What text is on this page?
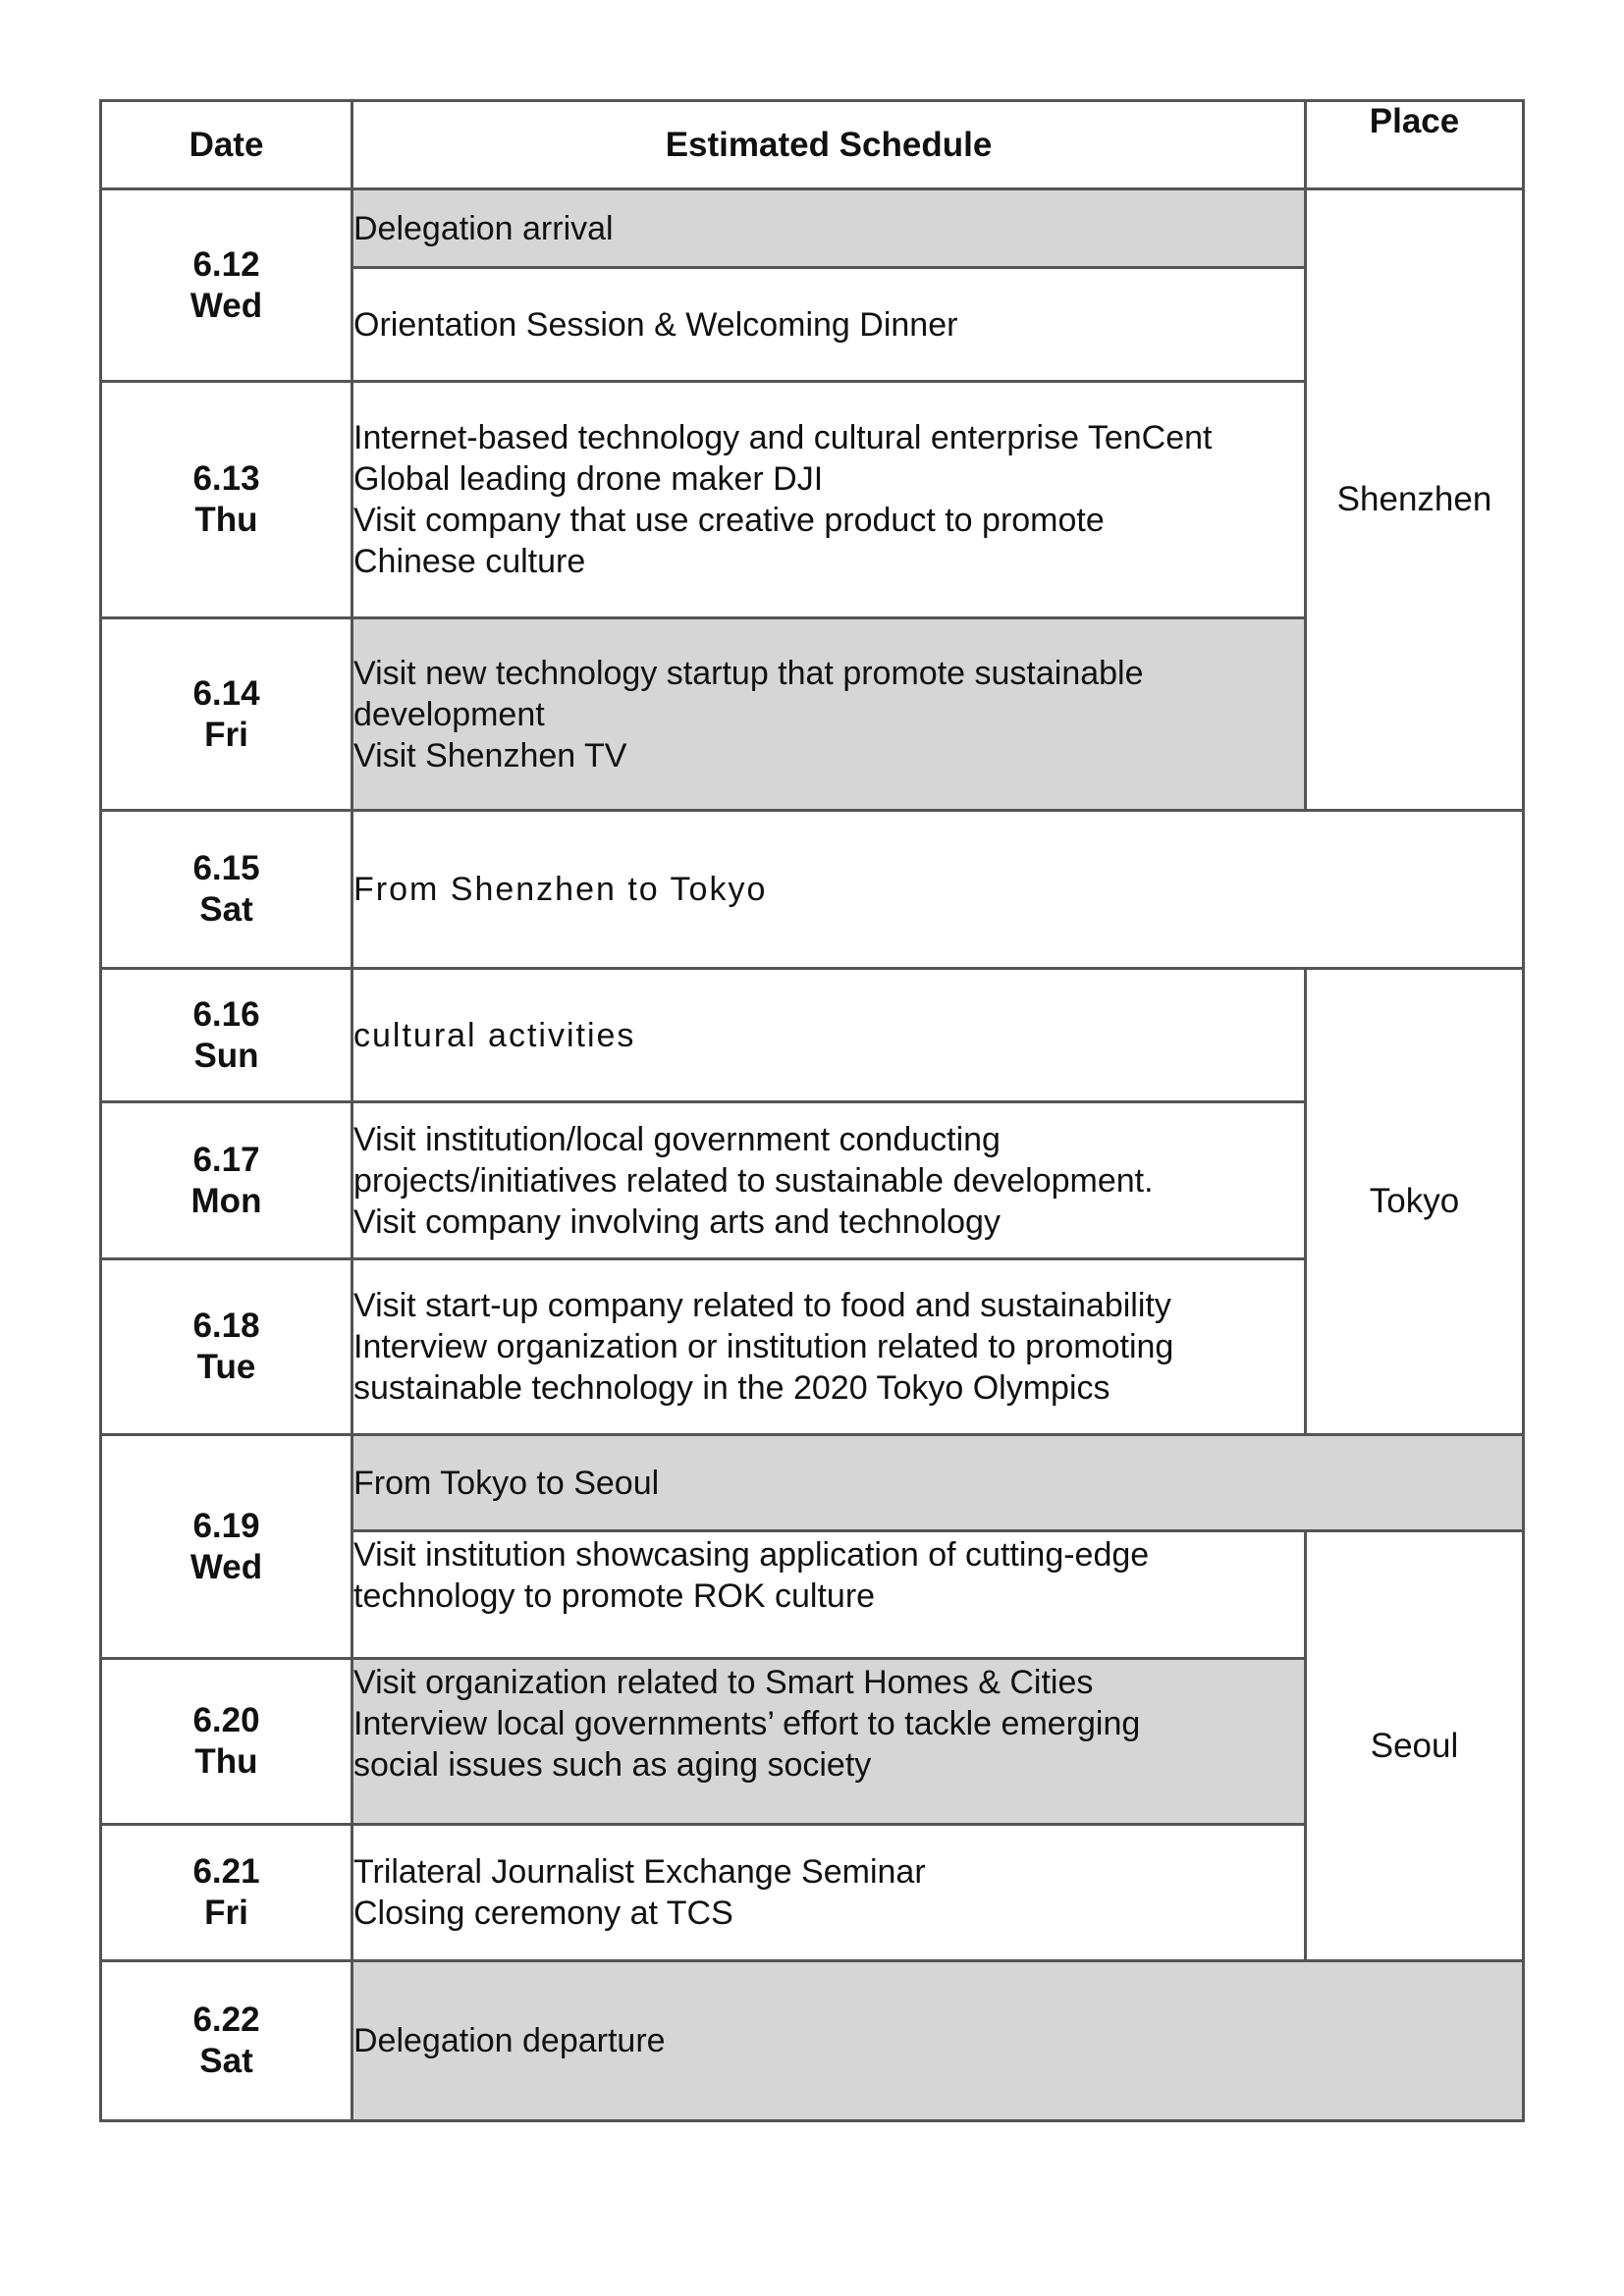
Date	Estimated Schedule	Place

6.12
Wed	Delegation arrival	Shenzhen

	Orientation Session & Welcoming Dinner	

6.13
Thu	Internet-based technology and cultural enterprise TenCent
Global leading drone maker DJI
Visit company that use creative product to promote
Chinese culture	

6.14
Fri	Visit new technology startup that promote sustainable
development
Visit Shenzhen TV	

6.15
Sat	From Shenzhen to Tokyo	

6.16
Sun	cultural activities	Tokyo

6.17
Mon	Visit institution/local government conducting
projects/initiatives related to sustainable development.
Visit company involving arts and technology	

6.18
Tue	Visit start-up company related to food and sustainability
Interview organization or institution related to promoting
sustainable technology in the 2020 Tokyo Olympics	

6.19
Wed	From Tokyo to Seoul	

	Visit institution showcasing application of cutting-edge
technology to promote ROK culture	Seoul

6.20
Thu	Visit organization related to Smart Homes & Cities
Interview local governments’ effort to tackle emerging
social issues such as aging society	

6.21
Fri	Trilateral Journalist Exchange Seminar
Closing ceremony at TCS	

6.22
Sat	Delegation departure	
